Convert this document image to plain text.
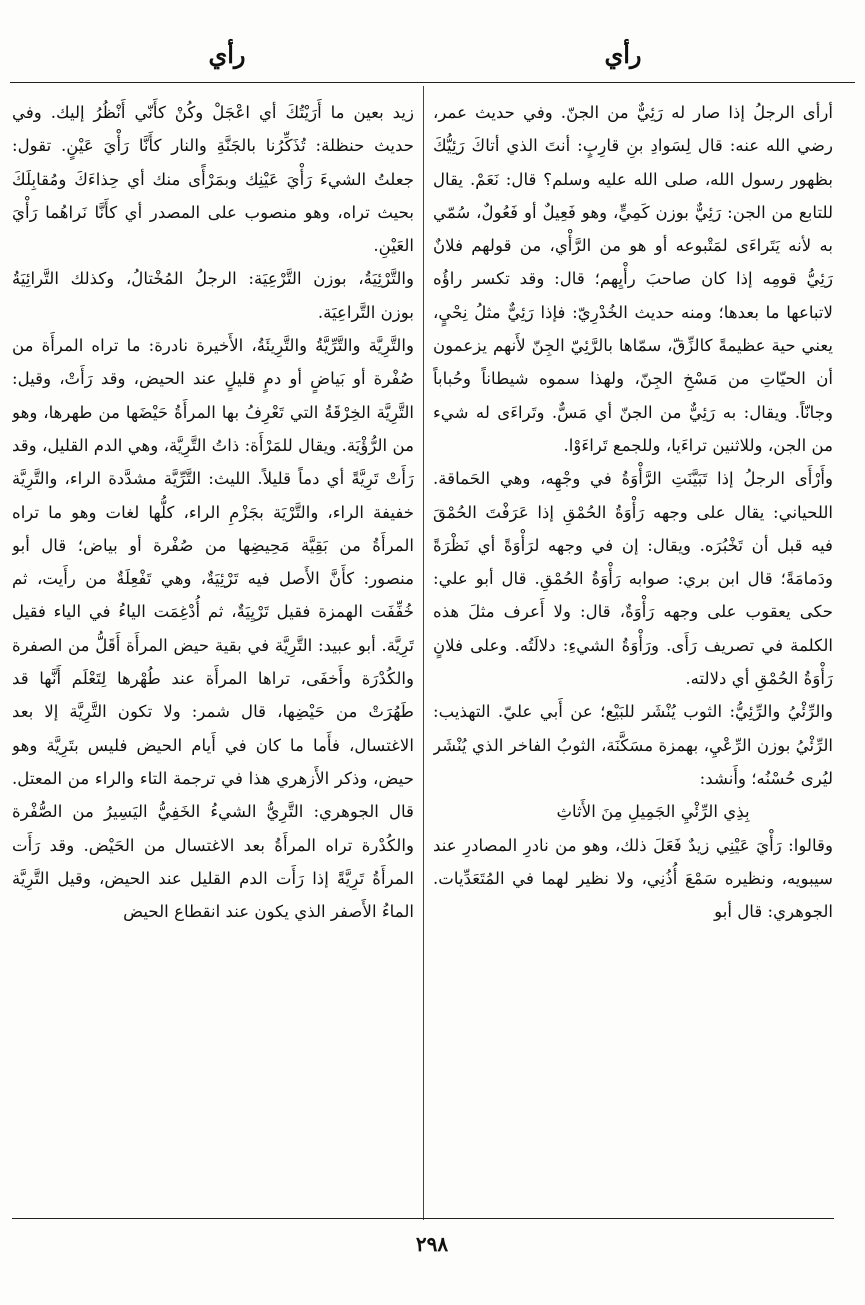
رأي
رأي

أرأى الرجلُ إذا صار له رَئِيٌّ من الجنّ. وفي حديث عمر، رضي الله عنه: قال لِسَوادِ بنِ قارِبٍ: أنتَ الذي أتاكَ رَئِيُّكَ بظهور رسول الله، صلى الله عليه وسلم؟ قال: نَعَمْ. يقال للتابع من الجن: رَئِيٌّ بوزن كَمِيٍّ، وهو فَعِيلٌ أو فَعُولٌ، سُمّي به لأنه يَتَراءَى لمَتْبوعه أو هو من الرَّأْي، من قولهم فلانٌ رَئِيُّ قومِه إذا كان صاحبَ رأْيِهم؛ قال: وقد تكسر راؤُه لاتباعها ما بعدها؛ ومنه حديث الخُدْرِيّ: فإذا رَئِيٌّ مثلُ نِحْيٍ، يعني حية عظيمةً كالزِّقّ، سمّاها بالرَّئِيّ الجِنّ لأَنهم يزعمون أن الحيّاتِ من مَسْخِ الجِنّ، ولهذا سموه شيطاناً وحُباباً وجانّاً. ويقال: به رَئِيٌّ من الجنّ أي مَسٌّ. وتَراءَى له شيء من الجن، وللاثنين تراءَيا، وللجمع تَراءَوْا.

وأَرْأَى الرجلُ إذا تَبَيَّنَتِ الرَّأْوَةُ في وجْهِه، وهي الحَماقة. اللحياني: يقال على وجهه رَأْوَةُ الحُمْقِ إذا عَرَفْتَ الحُمْقَ فيه قبل أن تَخْبُرَه. ويقال: إن في وجهه لرَأْوَةً أي نَظْرَةً ودَمامَةً؛ قال ابن بري: صوابه رَأْوَةُ الحُمْقِ. قال أبو علي: حكى يعقوب على وجهه رَأْوَةٌ، قال: ولا أَعرف مثلَ هذه الكلمة في تصريف رَأَى. ورَأْوَةُ الشيءِ: دلالَتُه. وعلى فلانٍ رَأْوَةُ الحُمْقِ أي دلالته.

والرِّئْيُ والرِّئِيُّ: الثوب يُنْشَر للبَيْع؛ عن أَبي عليّ. التهذيب: الرِّئْيُ بوزن الرِّعْيِ، بهمزة مسَكَّنَة، الثوبُ الفاخر الذي يُنْشَر ليُرى حُسْنُه؛ وأَنشد:

بِذِي الرِّئْيِ الجَمِيلِ مِنَ الأَثاثِ

وقالوا: رَأْيَ عَيْنِي زيدٌ فَعَلَ ذلك، وهو من نادرِ المصادرِ عند سيبويه، ونظيره سَمْعَ أُذُنِي، ولا نظير لهما في المُتَعَدِّيات. الجوهري: قال أبو

زيد بعين ما أَرَيْتُكَ أي اعْجَلْ وكُنْ كأَنّي أَنْظُرُ إليك. وفي حديث حنظلة: تُذَكِّرُنا بالجَنَّةِ والنار كأَنَّا رَأْيَ عَيْنٍ. تقول: جعلتُ الشيءَ رَأْيَ عَيْنِك وبمَرْأًى منك أي حِذاءَكَ ومُقابِلَكَ بحيث تراه، وهو منصوب على المصدر أي كأَنَّا نَراهُما رَأْيَ العَيْنِ.

والتَّرْئِيَةُ، بوزن التَّرْعِيَة: الرجلُ المُخْتالُ، وكذلك التَّرائِيَةُ بوزن التَّراعِيَة.

والتَّرِيَّة والتَّرِّيَّةُ والتَّرِيئَةُ، الأَخيرة نادرة: ما تراه المرأَة من صُفْرة أو بَياضٍ أو دمٍ قليلٍ عند الحيض، وقد رَأَتْ، وقيل: التَّرِيَّة الخِرْقَةُ التي تَعْرِفُ بها المرأَةُ حَيْضَها من طهرها، وهو من الرُّؤْيَة. ويقال للمَرْأَة: ذاتُ التَّرِيَّة، وهي الدم القليل، وقد رَأَتْ تَرِيَّةً أي دماً قليلاً. الليث: التَّرِّيَّة مشدَّدة الراء، والتَّرِيَّة خفيفة الراء، والتَّرْيَة بجَزْمِ الراء، كلُّها لغات وهو ما تراه المرأَةُ من بَقِيَّة مَحِيضِها من صُفْرة أو بياض؛ قال أبو منصور: كأَنَّ الأَصل فيه تَرْئِيَةٌ، وهي تَفْعِلَةٌ من رأَيت، ثم خُفِّفَت الهمزة فقيل تَرْيِيَةٌ، ثم أُدْغِمَت الياءُ في الياء فقيل تَرِيَّة. أبو عبيد: التَّرِيَّة في بقية حيض المرأَة أَقَلُّ من الصفرة والكُدْرَة وأَخفَى، تراها المرأَة عند طُهْرها لِتَعْلَم أَنَّها قد طَهُرَتْ من حَيْضِها، قال شمر: ولا تكون التَّرِيَّة إلا بعد الاغتسال، فأَما ما كان في أَيام الحيض فليس بتَرِيَّة وهو حيض، وذكر الأَزهري هذا في ترجمة التاء والراء من المعتل. قال الجوهري: التَّرِيُّ الشيءُ الخَفِيُّ اليَسِيرُ من الصُّفْرة والكُدْرة تراه المرأَةُ بعد الاغتسال من الحَيْض. وقد رَأَت المرأَةُ تَرِيَّةً إذا رَأَت الدم القليل عند الحيض، وقيل التَّرِيَّة الماءُ الأَصفر الذي يكون عند انقطاع الحيض

٢٩٨
